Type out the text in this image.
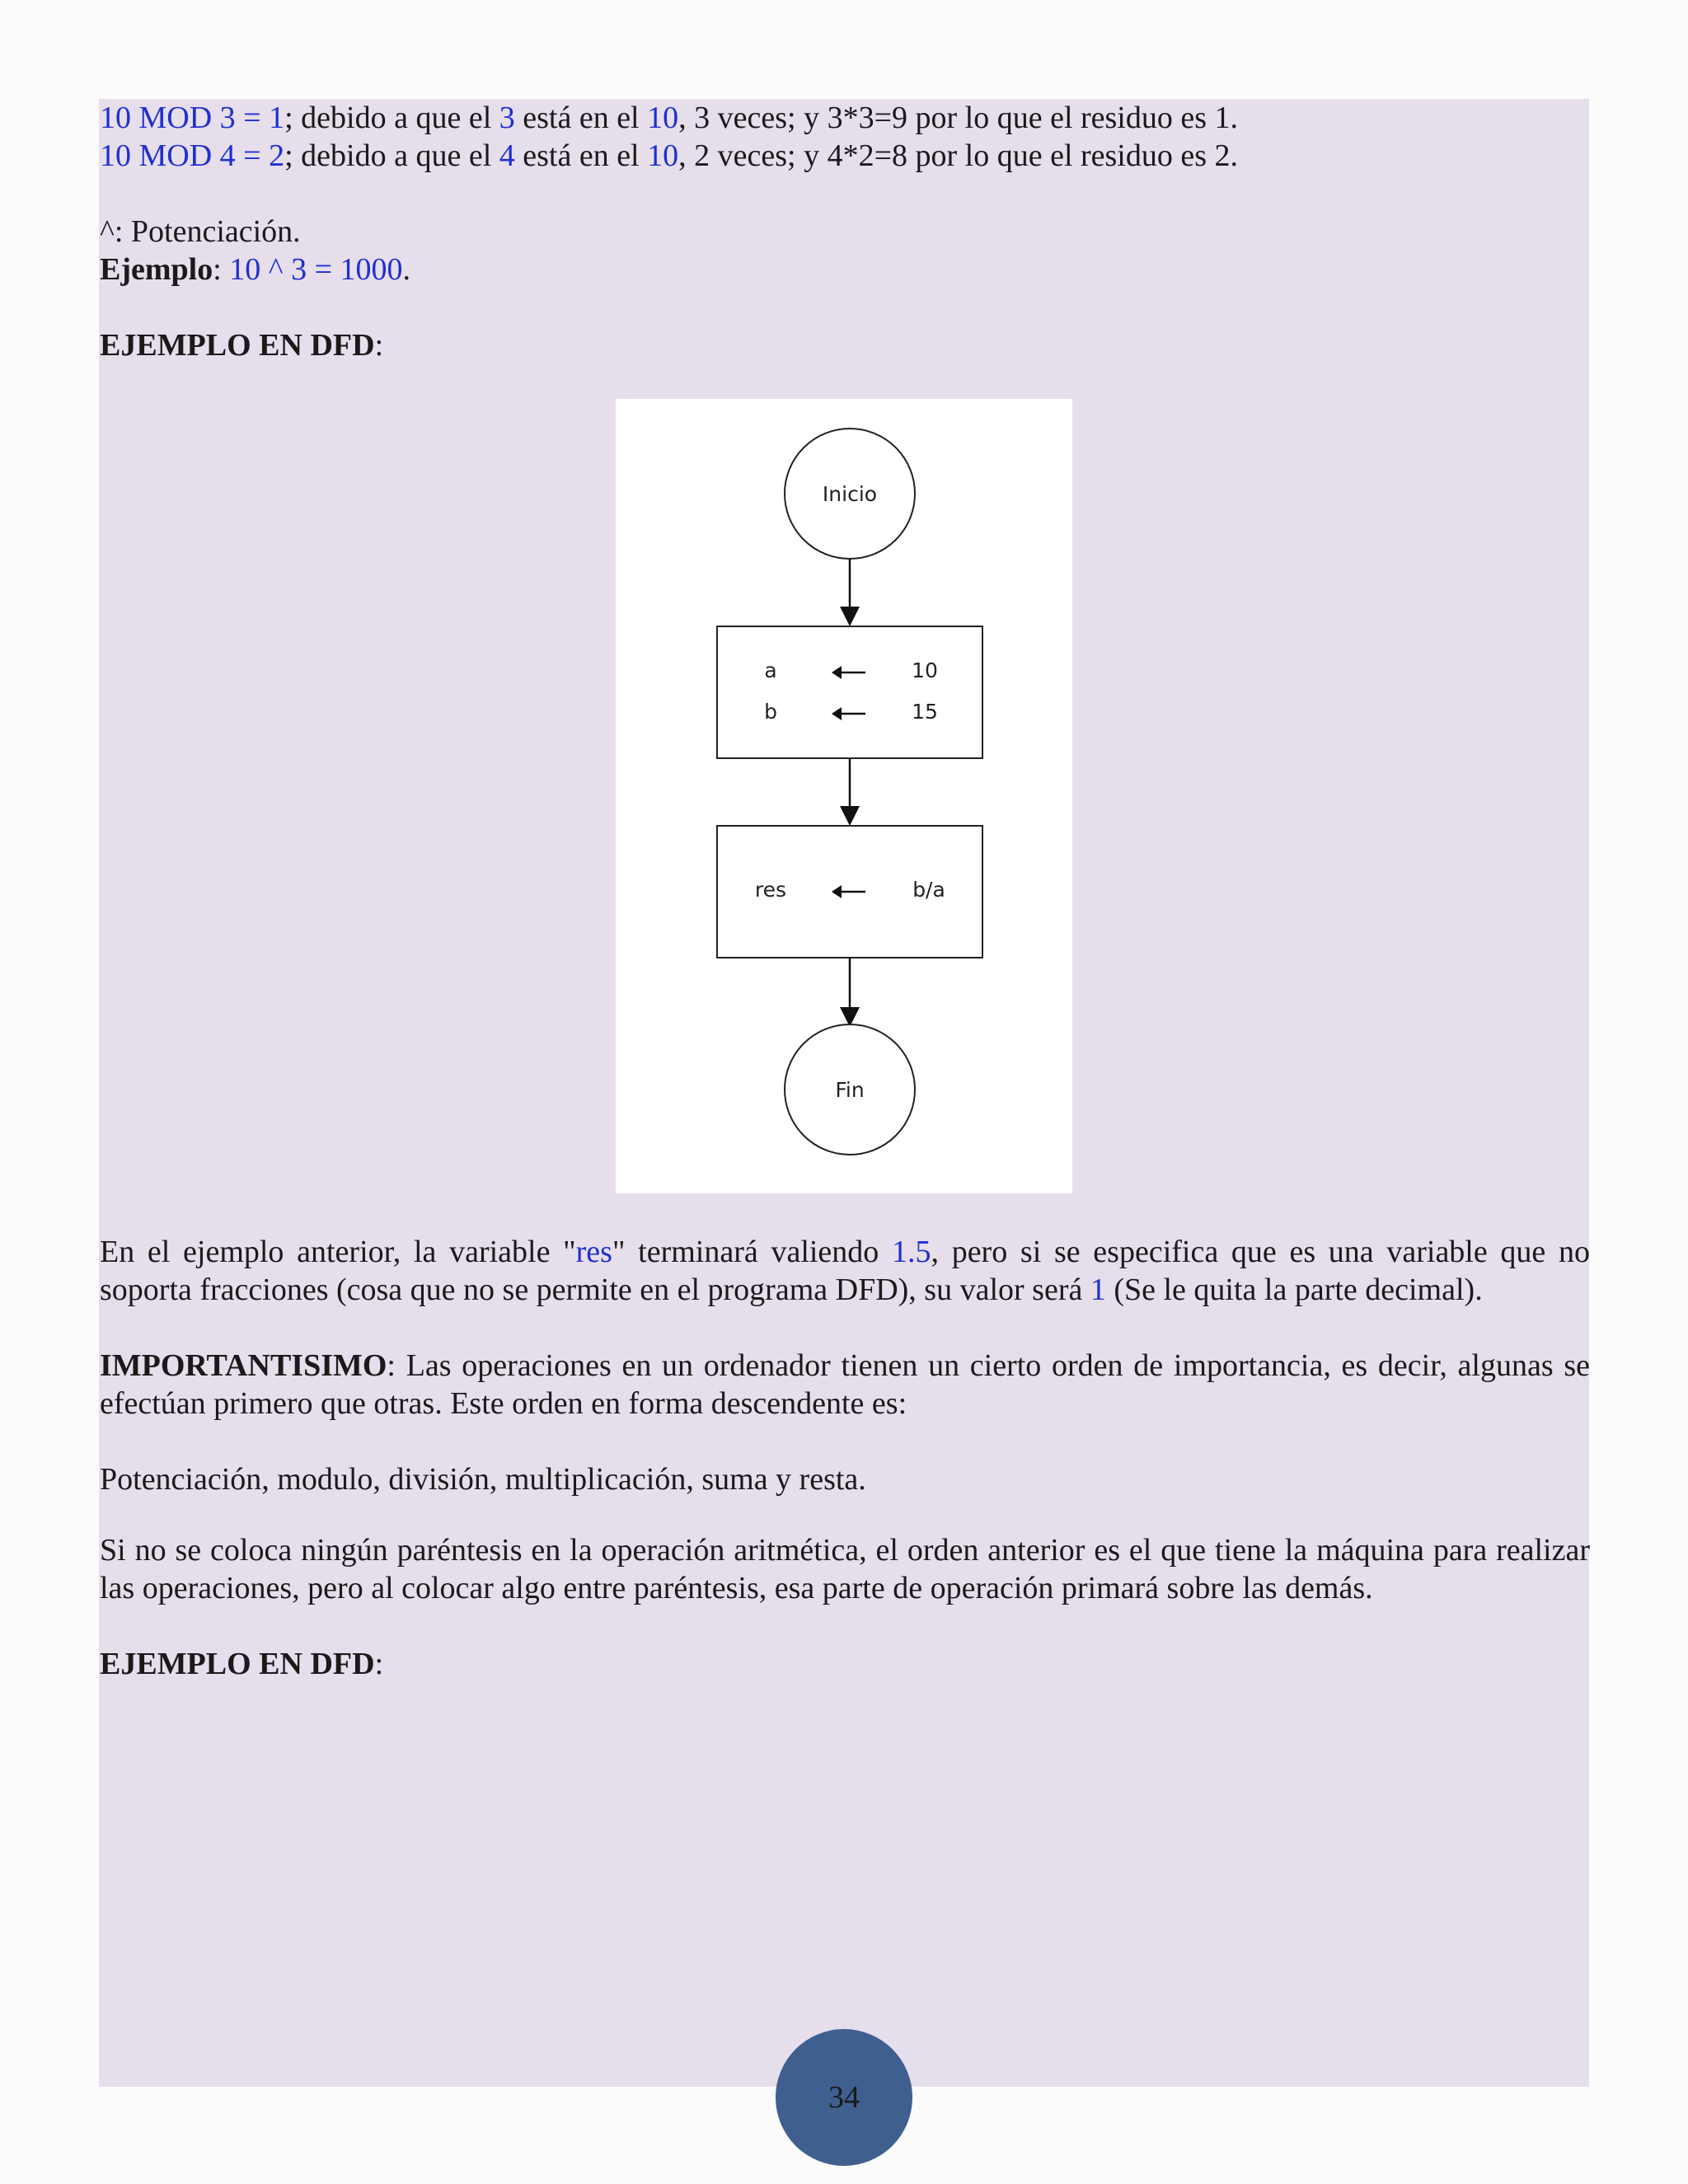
10 MOD 3 = 1; debido a que el 3 está en el 10, 3 veces; y 3*3=9 por lo que el residuo es 1.
10 MOD 4 = 2; debido a que el 4 está en el 10, 2 veces; y 4*2=8 por lo que el residuo es 2.
^: Potenciación.
Ejemplo: 10 ^ 3 = 1000.
EJEMPLO EN DFD:
Inicio
a	10
b	15
res	b/a
Fin
En el ejemplo anterior, la variable "res" terminará valiendo 1.5, pero si se especifica que es una variable que no soporta fracciones (cosa que no se permite en el programa DFD), su valor será 1 (Se le quita la parte decimal).
IMPORTANTISIMO: Las operaciones en un ordenador tienen un cierto orden de importancia, es decir, algunas se efectúan primero que otras. Este orden en forma descendente es:
Potenciación, modulo, división, multiplicación, suma y resta.
Si no se coloca ningún paréntesis en la operación aritmética, el orden anterior es el que tiene la máquina para realizar las operaciones, pero al colocar algo entre paréntesis, esa parte de operación primará sobre las demás.
EJEMPLO EN DFD:
34
